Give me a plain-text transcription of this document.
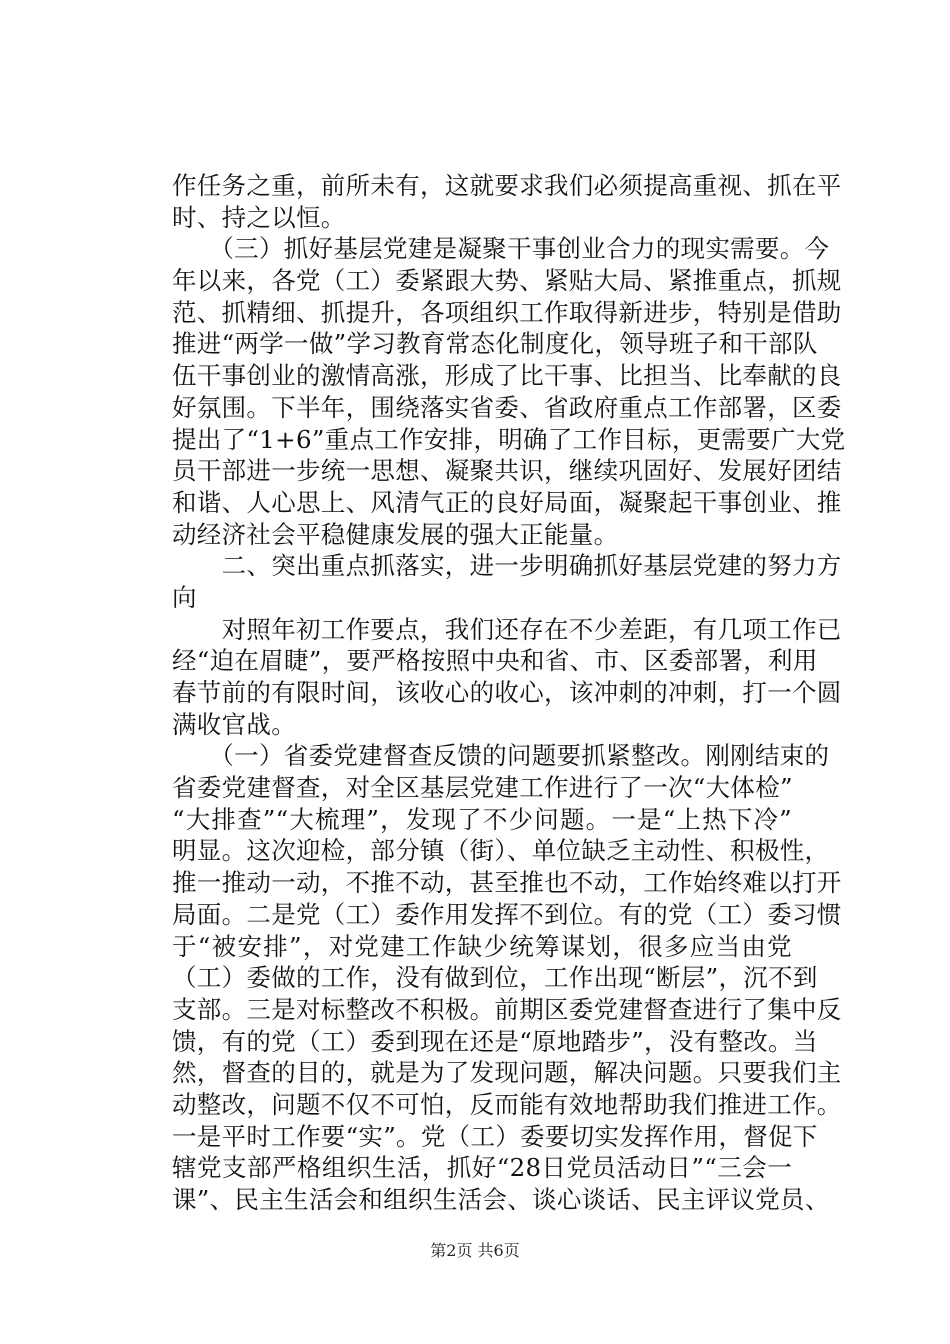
作任务之重，前所未有，这就要求我们必须提高重视、抓在平
时、持之以恒。
　　（三）抓好基层党建是凝聚干事创业合力的现实需要。今
年以来，各党（工）委紧跟大势、紧贴大局、紧推重点，抓规
范、抓精细、抓提升，各项组织工作取得新进步，特别是借助
推进“两学一做”学习教育常态化制度化，领导班子和干部队
伍干事创业的激情高涨，形成了比干事、比担当、比奉献的良
好氛围。下半年，围绕落实省委、省政府重点工作部署，区委
提出了“1+6”重点工作安排，明确了工作目标，更需要广大党
员干部进一步统一思想、凝聚共识，继续巩固好、发展好团结
和谐、人心思上、风清气正的良好局面，凝聚起干事创业、推
动经济社会平稳健康发展的强大正能量。
　　二、突出重点抓落实，进一步明确抓好基层党建的努力方
向
　　对照年初工作要点，我们还存在不少差距，有几项工作已
经“迫在眉睫”，要严格按照中央和省、市、区委部署，利用
春节前的有限时间，该收心的收心，该冲刺的冲刺，打一个圆
满收官战。
　　（一）省委党建督查反馈的问题要抓紧整改。刚刚结束的
省委党建督查，对全区基层党建工作进行了一次“大体检”
“大排查”“大梳理”，发现了不少问题。一是“上热下冷”
明显。这次迎检，部分镇（街）、单位缺乏主动性、积极性，
推一推动一动，不推不动，甚至推也不动，工作始终难以打开
局面。二是党（工）委作用发挥不到位。有的党（工）委习惯
于“被安排”，对党建工作缺少统筹谋划，很多应当由党
（工）委做的工作，没有做到位，工作出现“断层”，沉不到
支部。三是对标整改不积极。前期区委党建督查进行了集中反
馈，有的党（工）委到现在还是“原地踏步”，没有整改。当
然，督查的目的，就是为了发现问题，解决问题。只要我们主
动整改，问题不仅不可怕，反而能有效地帮助我们推进工作。
一是平时工作要“实”。党（工）委要切实发挥作用，督促下
辖党支部严格组织生活，抓好“28日党员活动日”“三会一
课”、民主生活会和组织生活会、谈心谈话、民主评议党员、
第2页 共6页
